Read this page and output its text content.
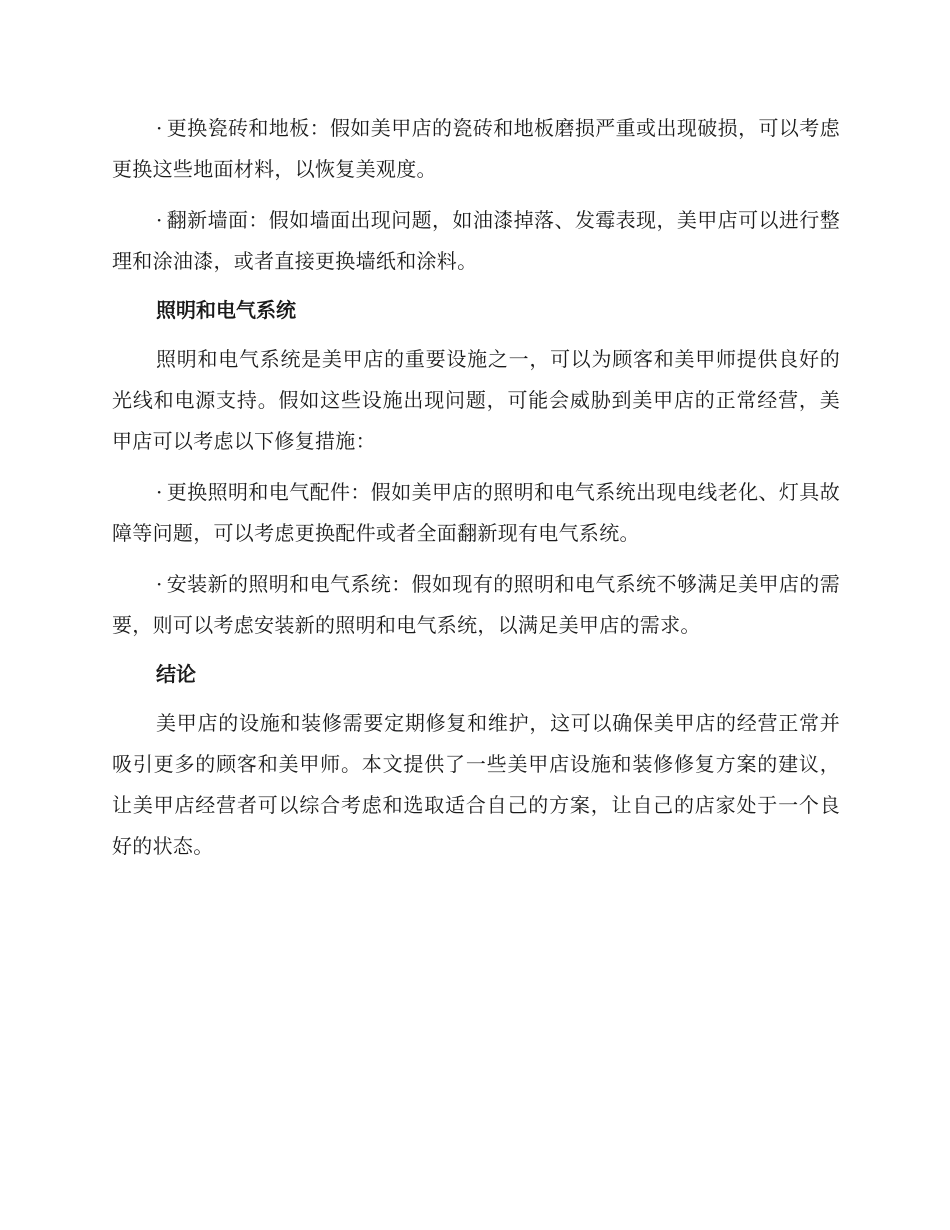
· 更换瓷砖和地板：假如美甲店的瓷砖和地板磨损严重或出现破损，可以考虑更换这些地面材料，以恢复美观度。

· 翻新墙面：假如墙面出现问题，如油漆掉落、发霉表现，美甲店可以进行整理和涂油漆，或者直接更换墙纸和涂料。

照明和电气系统

照明和电气系统是美甲店的重要设施之一，可以为顾客和美甲师提供良好的光线和电源支持。假如这些设施出现问题，可能会威胁到美甲店的正常经营，美甲店可以考虑以下修复措施：

· 更换照明和电气配件：假如美甲店的照明和电气系统出现电线老化、灯具故障等问题，可以考虑更换配件或者全面翻新现有电气系统。

· 安装新的照明和电气系统：假如现有的照明和电气系统不够满足美甲店的需要，则可以考虑安装新的照明和电气系统，以满足美甲店的需求。

结论

美甲店的设施和装修需要定期修复和维护，这可以确保美甲店的经营正常并吸引更多的顾客和美甲师。本文提供了一些美甲店设施和装修修复方案的建议，让美甲店经营者可以综合考虑和选取适合自己的方案，让自己的店家处于一个良好的状态。
